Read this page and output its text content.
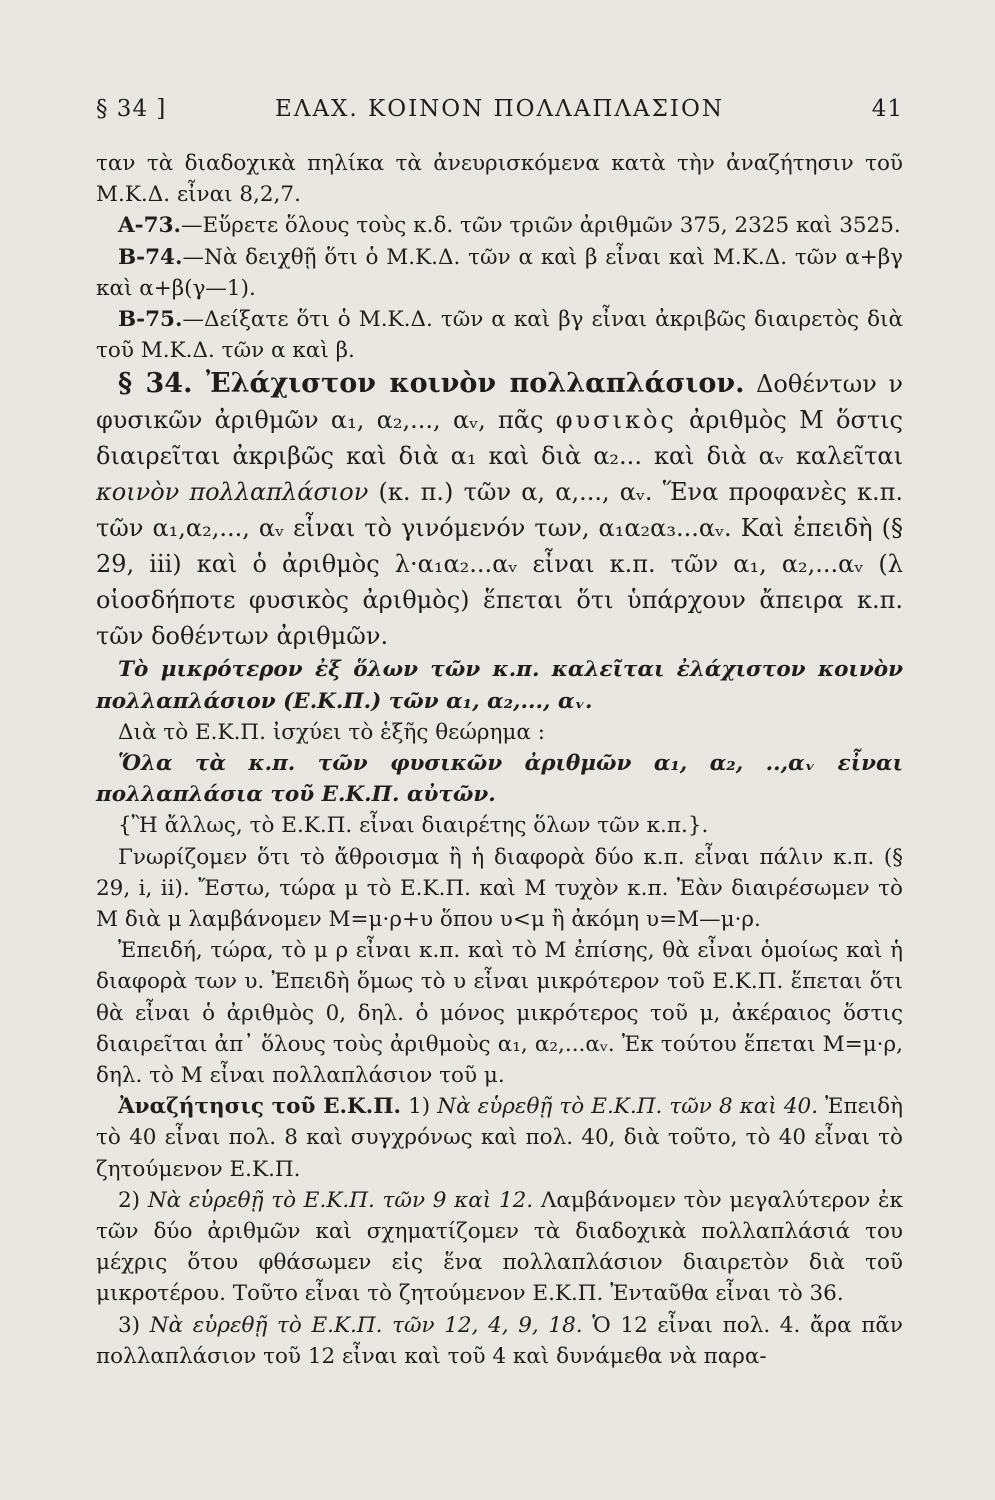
§ 34 ]	ΕΛΑΧ. ΚΟΙΝΟΝ ΠΟΛΛΑΠΛΑΣΙΟΝ	41

ταν τὰ διαδοχικὰ πηλίκα τὰ ἀνευρισκόμενα κατὰ τὴν ἀναζήτησιν τοῦ Μ.Κ.Δ. εἶναι 8,2,7.

Α-73.—Εὕρετε ὅλους τοὺς κ.δ. τῶν τριῶν ἀριθμῶν 375, 2325 καὶ 3525.

Β-74.—Νὰ δειχθῇ ὅτι ὁ Μ.Κ.Δ. τῶν α καὶ β εἶναι καὶ Μ.Κ.Δ. τῶν α+βγ καὶ α+β(γ—1).

Β-75.—Δείξατε ὅτι ὁ Μ.Κ.Δ. τῶν α καὶ βγ εἶναι ἀκριβῶς διαιρετὸς διὰ τοῦ Μ.Κ.Δ. τῶν α καὶ β.

§ 34. Ἐλάχιστον κοινὸν πολλαπλάσιον. Δοθέντων ν φυσικῶν ἀριθμῶν α₁, α₂,..., αᵥ, πᾶς φυσικὸς ἀριθμὸς Μ ὅστις διαιρεῖται ἀκριβῶς καὶ διὰ α₁ καὶ διὰ α₂... καὶ διὰ αᵥ καλεῖται κοινὸν πολλαπλάσιον (κ. π.) τῶν α, α,..., αᵥ. Ἕνα προφανὲς κ.π. τῶν α₁,α₂,..., αᵥ εἶναι τὸ γινόμενόν των, α₁α₂α₃...αᵥ. Καὶ ἐπειδὴ (§ 29, iii) καὶ ὁ ἀριθμὸς λ·α₁α₂...αᵥ εἶναι κ.π. τῶν α₁, α₂,...αᵥ (λ οἱοσδήποτε φυσικὸς ἀριθμὸς) ἕπεται ὅτι ὑπάρχουν ἄπειρα κ.π. τῶν δοθέντων ἀριθμῶν.

Τὸ μικρότερον ἐξ ὅλων τῶν κ.π. καλεῖται ἐλάχιστον κοινὸν πολλαπλάσιον (Ε.Κ.Π.) τῶν α₁, α₂,..., αᵥ.

Διὰ τὸ Ε.Κ.Π. ἰσχύει τὸ ἑξῆς θεώρημα :

Ὅλα τὰ κ.π. τῶν φυσικῶν ἀριθμῶν α₁, α₂, ..,αᵥ εἶναι πολλαπλάσια τοῦ Ε.Κ.Π. αὐτῶν.

{Ἢ ἄλλως, τὸ Ε.Κ.Π. εἶναι διαιρέτης ὅλων τῶν κ.π.}.

Γνωρίζομεν ὅτι τὸ ἄθροισμα ἢ ἡ διαφορὰ δύο κ.π. εἶναι πάλιν κ.π. (§ 29, i, ii). Ἔστω, τώρα μ τὸ Ε.Κ.Π. καὶ Μ τυχὸν κ.π. Ἐὰν διαιρέσωμεν τὸ Μ διὰ μ λαμβάνομεν Μ=μ·ρ+υ ὅπου υ<μ ἢ ἀκόμη υ=Μ—μ·ρ.

Ἐπειδή, τώρα, τὸ μ ρ εἶναι κ.π. καὶ τὸ Μ ἐπίσης, θὰ εἶναι ὁμοίως καὶ ἡ διαφορὰ των υ. Ἐπειδὴ ὅμως τὸ υ εἶναι μικρότερον τοῦ Ε.Κ.Π. ἕπεται ὅτι θὰ εἶναι ὁ ἀριθμὸς 0, δηλ. ὁ μόνος μικρότερος τοῦ μ, ἀκέραιος ὅστις διαιρεῖται ἀπ᾽ ὅλους τοὺς ἀριθμοὺς α₁, α₂,...αᵥ. Ἐκ τούτου ἕπεται Μ=μ·ρ, δηλ. τὸ Μ εἶναι πολλαπλάσιον τοῦ μ.

Ἀναζήτησις τοῦ Ε.Κ.Π. 1) Νὰ εὑρεθῇ τὸ Ε.Κ.Π. τῶν 8 καὶ 40. Ἐπειδὴ τὸ 40 εἶναι πολ. 8 καὶ συγχρόνως καὶ πολ. 40, διὰ τοῦτο, τὸ 40 εἶναι τὸ ζητούμενον Ε.Κ.Π.

2) Νὰ εὑρεθῇ τὸ Ε.Κ.Π. τῶν 9 καὶ 12. Λαμβάνομεν τὸν μεγαλύτερον ἐκ τῶν δύο ἀριθμῶν καὶ σχηματίζομεν τὰ διαδοχικὰ πολλαπλάσιά του μέχρις ὅτου φθάσωμεν εἰς ἕνα πολλαπλάσιον διαιρετὸν διὰ τοῦ μικροτέρου. Τοῦτο εἶναι τὸ ζητούμενον Ε.Κ.Π. Ἐνταῦθα εἶναι τὸ 36.

3) Νὰ εὑρεθῇ τὸ Ε.Κ.Π. τῶν 12, 4, 9, 18. Ὁ 12 εἶναι πολ. 4. ἄρα πᾶν πολλαπλάσιον τοῦ 12 εἶναι καὶ τοῦ 4 καὶ δυνάμεθα νὰ παρα-
